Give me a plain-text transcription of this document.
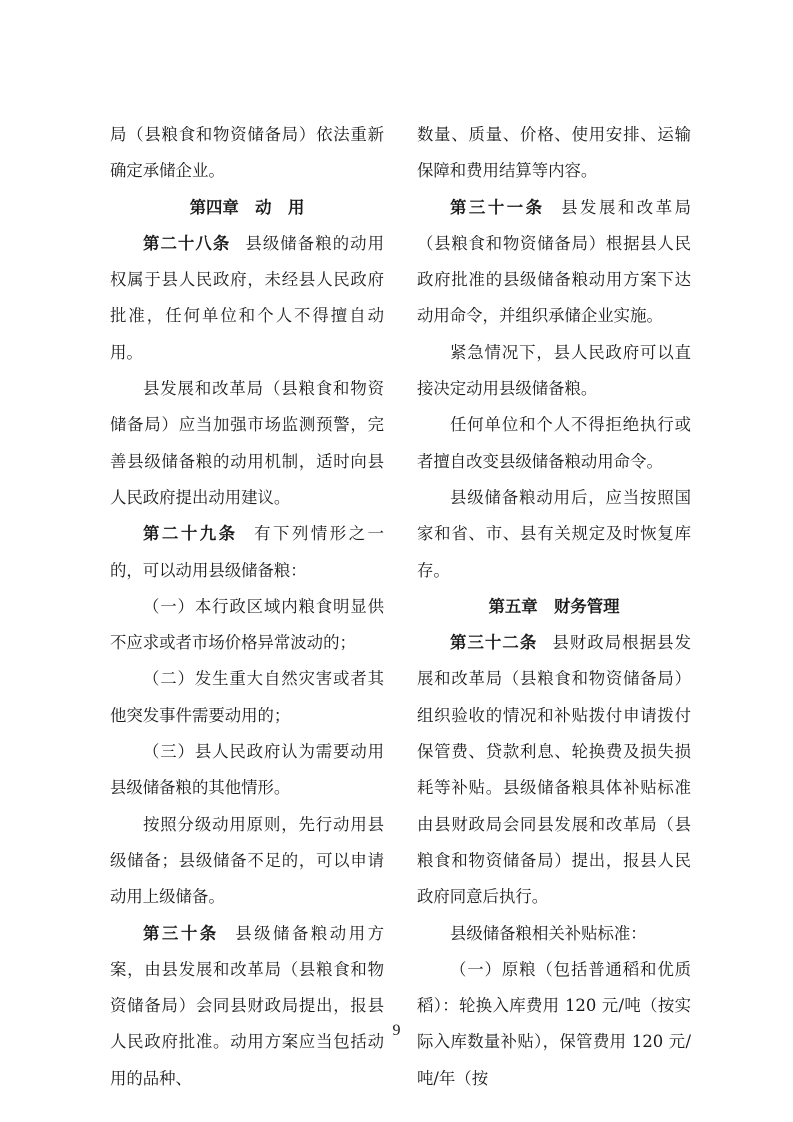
局（县粮食和物资储备局）依法重新确定承储企业。

第四章　动　用

第二十八条 县级储备粮的动用权属于县人民政府，未经县人民政府批准，任何单位和个人不得擅自动用。

县发展和改革局（县粮食和物资储备局）应当加强市场监测预警，完善县级储备粮的动用机制，适时向县人民政府提出动用建议。

第二十九条 有下列情形之一的，可以动用县级储备粮：

（一）本行政区域内粮食明显供不应求或者市场价格异常波动的；

（二）发生重大自然灾害或者其他突发事件需要动用的；

（三）县人民政府认为需要动用县级储备粮的其他情形。

按照分级动用原则，先行动用县级储备；县级储备不足的，可以申请动用上级储备。

第三十条 县级储备粮动用方案，由县发展和改革局（县粮食和物资储备局）会同县财政局提出，报县人民政府批准。动用方案应当包括动用的品种、

数量、质量、价格、使用安排、运输保障和费用结算等内容。

第三十一条 县发展和改革局（县粮食和物资储备局）根据县人民政府批准的县级储备粮动用方案下达动用命令，并组织承储企业实施。

紧急情况下，县人民政府可以直接决定动用县级储备粮。

任何单位和个人不得拒绝执行或者擅自改变县级储备粮动用命令。

县级储备粮动用后，应当按照国家和省、市、县有关规定及时恢复库存。

第五章　财务管理

第三十二条 县财政局根据县发展和改革局（县粮食和物资储备局）组织验收的情况和补贴拨付申请拨付保管费、贷款利息、轮换费及损失损耗等补贴。县级储备粮具体补贴标准由县财政局会同县发展和改革局（县粮食和物资储备局）提出，报县人民政府同意后执行。

县级储备粮相关补贴标准：

（一）原粮（包括普通稻和优质稻）：轮换入库费用 120 元/吨（按实际入库数量补贴），保管费用 120 元/吨/年（按

9
